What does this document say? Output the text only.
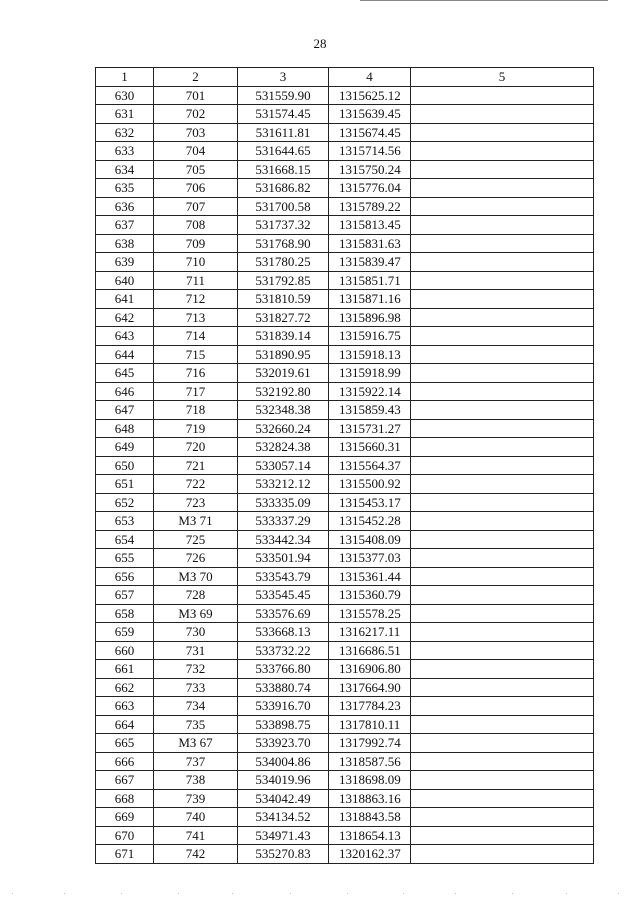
28
1	2	3	4	5
630	701	531559.90	1315625.12	
631	702	531574.45	1315639.45	
632	703	531611.81	1315674.45	
633	704	531644.65	1315714.56	
634	705	531668.15	1315750.24	
635	706	531686.82	1315776.04	
636	707	531700.58	1315789.22	
637	708	531737.32	1315813.45	
638	709	531768.90	1315831.63	
639	710	531780.25	1315839.47	
640	711	531792.85	1315851.71	
641	712	531810.59	1315871.16	
642	713	531827.72	1315896.98	
643	714	531839.14	1315916.75	
644	715	531890.95	1315918.13	
645	716	532019.61	1315918.99	
646	717	532192.80	1315922.14	
647	718	532348.38	1315859.43	
648	719	532660.24	1315731.27	
649	720	532824.38	1315660.31	
650	721	533057.14	1315564.37	
651	722	533212.12	1315500.92	
652	723	533335.09	1315453.17	
653	МЗ 71	533337.29	1315452.28	
654	725	533442.34	1315408.09	
655	726	533501.94	1315377.03	
656	МЗ 70	533543.79	1315361.44	
657	728	533545.45	1315360.79	
658	МЗ 69	533576.69	1315578.25	
659	730	533668.13	1316217.11	
660	731	533732.22	1316686.51	
661	732	533766.80	1316906.80	
662	733	533880.74	1317664.90	
663	734	533916.70	1317784.23	
664	735	533898.75	1317810.11	
665	МЗ 67	533923.70	1317992.74	
666	737	534004.86	1318587.56	
667	738	534019.96	1318698.09	
668	739	534042.49	1318863.16	
669	740	534134.52	1318843.58	
670	741	534971.43	1318654.13	
671	742	535270.83	1320162.37	
